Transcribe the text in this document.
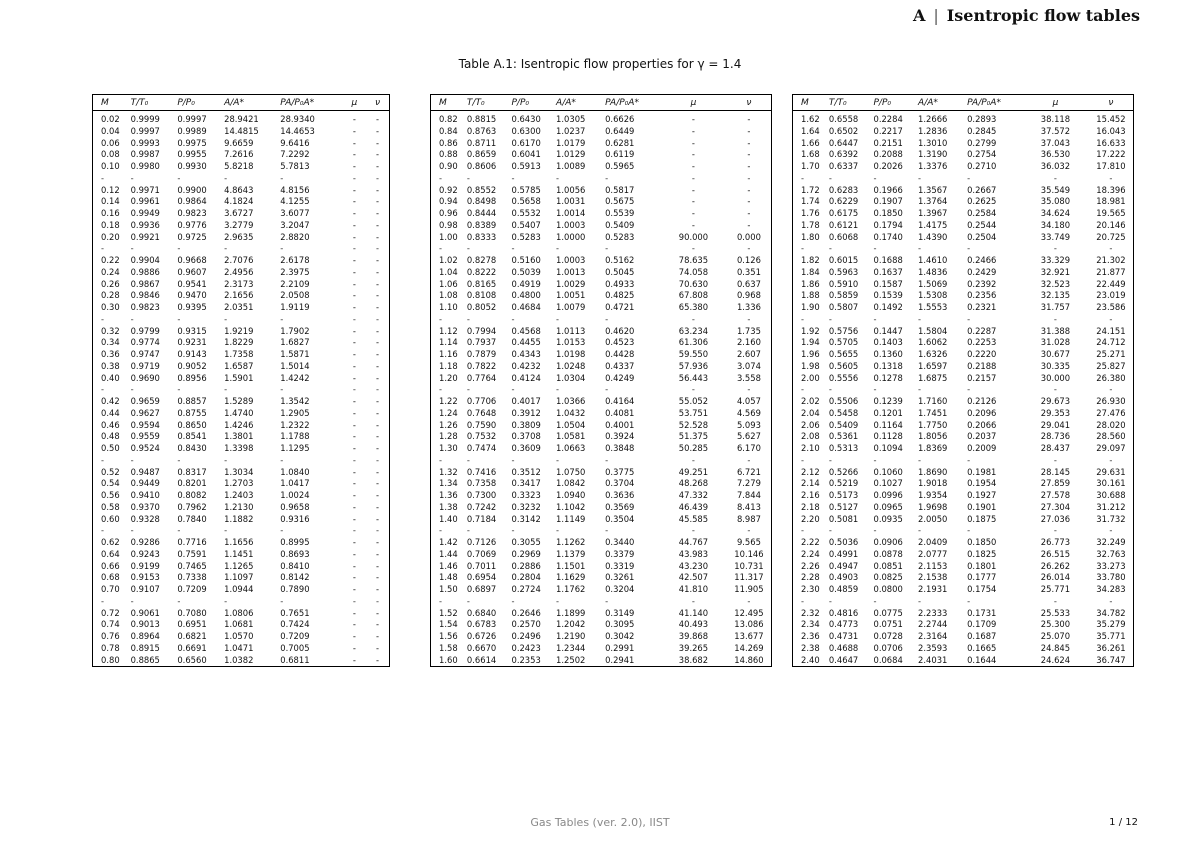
A | Isentropic flow tables
Table A.1: Isentropic flow properties for γ = 1.4
M	T/T₀	P/P₀	A/A*	PA/P₀A*	μ	ν

0.02	0.9999	0.9997	28.9421	28.9340	-	-
0.04	0.9997	0.9989	14.4815	14.4653	-	-
0.06	0.9993	0.9975	9.6659	9.6416	-	-
0.08	0.9987	0.9955	7.2616	7.2292	-	-
0.10	0.9980	0.9930	5.8218	5.7813	-	-
-	-	-	-	-	-	-
0.12	0.9971	0.9900	4.8643	4.8156	-	-
0.14	0.9961	0.9864	4.1824	4.1255	-	-
0.16	0.9949	0.9823	3.6727	3.6077	-	-
0.18	0.9936	0.9776	3.2779	3.2047	-	-
0.20	0.9921	0.9725	2.9635	2.8820	-	-
-	-	-	-	-	-	-
0.22	0.9904	0.9668	2.7076	2.6178	-	-
0.24	0.9886	0.9607	2.4956	2.3975	-	-
0.26	0.9867	0.9541	2.3173	2.2109	-	-
0.28	0.9846	0.9470	2.1656	2.0508	-	-
0.30	0.9823	0.9395	2.0351	1.9119	-	-
-	-	-	-	-	-	-
0.32	0.9799	0.9315	1.9219	1.7902	-	-
0.34	0.9774	0.9231	1.8229	1.6827	-	-
0.36	0.9747	0.9143	1.7358	1.5871	-	-
0.38	0.9719	0.9052	1.6587	1.5014	-	-
0.40	0.9690	0.8956	1.5901	1.4242	-	-
-	-	-	-	-	-	-
0.42	0.9659	0.8857	1.5289	1.3542	-	-
0.44	0.9627	0.8755	1.4740	1.2905	-	-
0.46	0.9594	0.8650	1.4246	1.2322	-	-
0.48	0.9559	0.8541	1.3801	1.1788	-	-
0.50	0.9524	0.8430	1.3398	1.1295	-	-
-	-	-	-	-	-	-
0.52	0.9487	0.8317	1.3034	1.0840	-	-
0.54	0.9449	0.8201	1.2703	1.0417	-	-
0.56	0.9410	0.8082	1.2403	1.0024	-	-
0.58	0.9370	0.7962	1.2130	0.9658	-	-
0.60	0.9328	0.7840	1.1882	0.9316	-	-
-	-	-	-	-	-	-
0.62	0.9286	0.7716	1.1656	0.8995	-	-
0.64	0.9243	0.7591	1.1451	0.8693	-	-
0.66	0.9199	0.7465	1.1265	0.8410	-	-
0.68	0.9153	0.7338	1.1097	0.8142	-	-
0.70	0.9107	0.7209	1.0944	0.7890	-	-
-	-	-	-	-	-	-
0.72	0.9061	0.7080	1.0806	0.7651	-	-
0.74	0.9013	0.6951	1.0681	0.7424	-	-
0.76	0.8964	0.6821	1.0570	0.7209	-	-
0.78	0.8915	0.6691	1.0471	0.7005	-	-
0.80	0.8865	0.6560	1.0382	0.6811	-	-
M	T/T₀	P/P₀	A/A*	PA/P₀A*	μ	ν

0.82	0.8815	0.6430	1.0305	0.6626	-	-
0.84	0.8763	0.6300	1.0237	0.6449	-	-
0.86	0.8711	0.6170	1.0179	0.6281	-	-
0.88	0.8659	0.6041	1.0129	0.6119	-	-
0.90	0.8606	0.5913	1.0089	0.5965	-	-
-	-	-	-	-	-	-
0.92	0.8552	0.5785	1.0056	0.5817	-	-
0.94	0.8498	0.5658	1.0031	0.5675	-	-
0.96	0.8444	0.5532	1.0014	0.5539	-	-
0.98	0.8389	0.5407	1.0003	0.5409	-	-
1.00	0.8333	0.5283	1.0000	0.5283	90.000	0.000
-	-	-	-	-	-	-
1.02	0.8278	0.5160	1.0003	0.5162	78.635	0.126
1.04	0.8222	0.5039	1.0013	0.5045	74.058	0.351
1.06	0.8165	0.4919	1.0029	0.4933	70.630	0.637
1.08	0.8108	0.4800	1.0051	0.4825	67.808	0.968
1.10	0.8052	0.4684	1.0079	0.4721	65.380	1.336
-	-	-	-	-	-	-
1.12	0.7994	0.4568	1.0113	0.4620	63.234	1.735
1.14	0.7937	0.4455	1.0153	0.4523	61.306	2.160
1.16	0.7879	0.4343	1.0198	0.4428	59.550	2.607
1.18	0.7822	0.4232	1.0248	0.4337	57.936	3.074
1.20	0.7764	0.4124	1.0304	0.4249	56.443	3.558
-	-	-	-	-	-	-
1.22	0.7706	0.4017	1.0366	0.4164	55.052	4.057
1.24	0.7648	0.3912	1.0432	0.4081	53.751	4.569
1.26	0.7590	0.3809	1.0504	0.4001	52.528	5.093
1.28	0.7532	0.3708	1.0581	0.3924	51.375	5.627
1.30	0.7474	0.3609	1.0663	0.3848	50.285	6.170
-	-	-	-	-	-	-
1.32	0.7416	0.3512	1.0750	0.3775	49.251	6.721
1.34	0.7358	0.3417	1.0842	0.3704	48.268	7.279
1.36	0.7300	0.3323	1.0940	0.3636	47.332	7.844
1.38	0.7242	0.3232	1.1042	0.3569	46.439	8.413
1.40	0.7184	0.3142	1.1149	0.3504	45.585	8.987
-	-	-	-	-	-	-
1.42	0.7126	0.3055	1.1262	0.3440	44.767	9.565
1.44	0.7069	0.2969	1.1379	0.3379	43.983	10.146
1.46	0.7011	0.2886	1.1501	0.3319	43.230	10.731
1.48	0.6954	0.2804	1.1629	0.3261	42.507	11.317
1.50	0.6897	0.2724	1.1762	0.3204	41.810	11.905
-	-	-	-	-	-	-
1.52	0.6840	0.2646	1.1899	0.3149	41.140	12.495
1.54	0.6783	0.2570	1.2042	0.3095	40.493	13.086
1.56	0.6726	0.2496	1.2190	0.3042	39.868	13.677
1.58	0.6670	0.2423	1.2344	0.2991	39.265	14.269
1.60	0.6614	0.2353	1.2502	0.2941	38.682	14.860
M	T/T₀	P/P₀	A/A*	PA/P₀A*	μ	ν

1.62	0.6558	0.2284	1.2666	0.2893	38.118	15.452
1.64	0.6502	0.2217	1.2836	0.2845	37.572	16.043
1.66	0.6447	0.2151	1.3010	0.2799	37.043	16.633
1.68	0.6392	0.2088	1.3190	0.2754	36.530	17.222
1.70	0.6337	0.2026	1.3376	0.2710	36.032	17.810
-	-	-	-	-	-	-
1.72	0.6283	0.1966	1.3567	0.2667	35.549	18.396
1.74	0.6229	0.1907	1.3764	0.2625	35.080	18.981
1.76	0.6175	0.1850	1.3967	0.2584	34.624	19.565
1.78	0.6121	0.1794	1.4175	0.2544	34.180	20.146
1.80	0.6068	0.1740	1.4390	0.2504	33.749	20.725
-	-	-	-	-	-	-
1.82	0.6015	0.1688	1.4610	0.2466	33.329	21.302
1.84	0.5963	0.1637	1.4836	0.2429	32.921	21.877
1.86	0.5910	0.1587	1.5069	0.2392	32.523	22.449
1.88	0.5859	0.1539	1.5308	0.2356	32.135	23.019
1.90	0.5807	0.1492	1.5553	0.2321	31.757	23.586
-	-	-	-	-	-	-
1.92	0.5756	0.1447	1.5804	0.2287	31.388	24.151
1.94	0.5705	0.1403	1.6062	0.2253	31.028	24.712
1.96	0.5655	0.1360	1.6326	0.2220	30.677	25.271
1.98	0.5605	0.1318	1.6597	0.2188	30.335	25.827
2.00	0.5556	0.1278	1.6875	0.2157	30.000	26.380
-	-	-	-	-	-	-
2.02	0.5506	0.1239	1.7160	0.2126	29.673	26.930
2.04	0.5458	0.1201	1.7451	0.2096	29.353	27.476
2.06	0.5409	0.1164	1.7750	0.2066	29.041	28.020
2.08	0.5361	0.1128	1.8056	0.2037	28.736	28.560
2.10	0.5313	0.1094	1.8369	0.2009	28.437	29.097
-	-	-	-	-	-	-
2.12	0.5266	0.1060	1.8690	0.1981	28.145	29.631
2.14	0.5219	0.1027	1.9018	0.1954	27.859	30.161
2.16	0.5173	0.0996	1.9354	0.1927	27.578	30.688
2.18	0.5127	0.0965	1.9698	0.1901	27.304	31.212
2.20	0.5081	0.0935	2.0050	0.1875	27.036	31.732
-	-	-	-	-	-	-
2.22	0.5036	0.0906	2.0409	0.1850	26.773	32.249
2.24	0.4991	0.0878	2.0777	0.1825	26.515	32.763
2.26	0.4947	0.0851	2.1153	0.1801	26.262	33.273
2.28	0.4903	0.0825	2.1538	0.1777	26.014	33.780
2.30	0.4859	0.0800	2.1931	0.1754	25.771	34.283
-	-	-	-	-	-	-
2.32	0.4816	0.0775	2.2333	0.1731	25.533	34.782
2.34	0.4773	0.0751	2.2744	0.1709	25.300	35.279
2.36	0.4731	0.0728	2.3164	0.1687	25.070	35.771
2.38	0.4688	0.0706	2.3593	0.1665	24.845	36.261
2.40	0.4647	0.0684	2.4031	0.1644	24.624	36.747
Gas Tables (ver. 2.0), IIST	1 / 12
